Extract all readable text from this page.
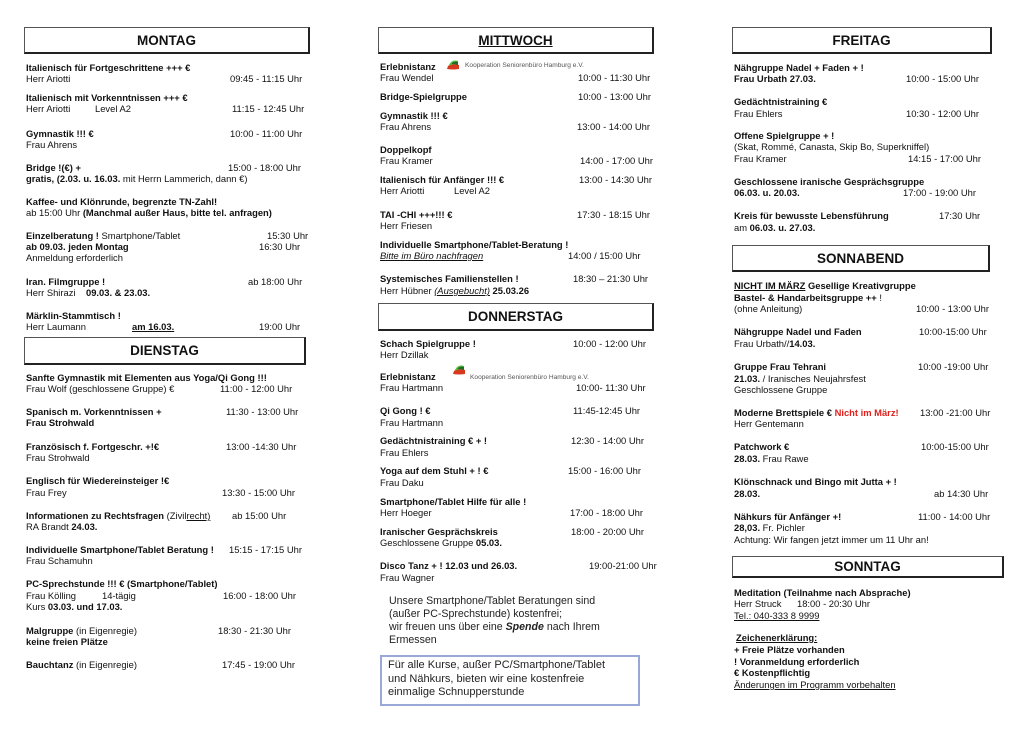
MONTAG
Italienisch für Fortgeschrittene +++ €
Herr Ariotti	09:45 - 11:15 Uhr
Italienisch mit Vorkenntnissen +++ €
Herr Ariotti	Level A2	11:15 - 12:45 Uhr
Gymnastik !!! €	10:00 - 11:00 Uhr
Frau Ahrens
Bridge !(€) +	15:00 - 18:00 Uhr
gratis, (2.03. u. 16.03. mit Herrn Lammerich, dann €)
Kaffee- und Klönrunde, begrenzte TN-Zahl!
ab 15:00 Uhr (Manchmal außer Haus, bitte tel. anfragen)
Einzelberatung ! Smartphone/Tablet	15:30 Uhr
ab 09.03. jeden Montag	16:30 Uhr
Anmeldung erforderlich
Iran. Filmgruppe !	ab 18:00 Uhr
Herr Shirazi 09.03. & 23.03.
Märklin-Stammtisch !
Herr Laumann	am 16.03.	19:00 Uhr
DIENSTAG
Sanfte Gymnastik mit Elementen aus Yoga/Qi Gong !!!
Frau Wolf (geschlossene Gruppe) €	11:00 - 12:00 Uhr
Spanisch m. Vorkenntnissen +	11:30 - 13:00 Uhr
Frau Strohwald
Französisch f. Fortgeschr. +!€	13:00 -14:30 Uhr
Frau Strohwald
Englisch für Wiedereinsteiger !€
Frau Frey	13:30 - 15:00 Uhr
Informationen zu Rechtsfragen (Zivilrecht) ab 15:00 Uhr
RA Brandt 24.03.
Individuelle Smartphone/Tablet Beratung ! 15:15 - 17:15 Uhr
Frau Schamuhn
PC-Sprechstunde !!! € (Smartphone/Tablet)
Frau Kölling	14-tägig	16:00 - 18:00 Uhr
Kurs 03.03. und 17.03.
Malgruppe (in Eigenregie)	18:30 - 21:30 Uhr
keine freien Plätze
Bauchtanz (in Eigenregie)	17:45 - 19:00 Uhr
MITTWOCH
Erlebnistanz	Kooperation Seniorenbüro Hamburg e.V.
Frau Wendel	10:00 - 11:30 Uhr
Bridge-Spielgruppe	10:00 - 13:00 Uhr
Gymnastik !!! €
Frau Ahrens	13:00 - 14:00 Uhr
Doppelkopf
Frau Kramer	14:00 - 17:00 Uhr
Italienisch für Anfänger !!! €	13:00 - 14:30 Uhr
Herr Ariotti	Level A2
TAI -CHI +++!!! €	17:30 - 18:15 Uhr
Herr Friesen
Individuelle Smartphone/Tablet-Beratung !
Bitte im Büro nachfragen	14:00 / 15:00 Uhr
Systemisches Familienstellen !	18:30 – 21:30 Uhr
Herr Hübner (Ausgebucht) 25.03.26
DONNERSTAG
Schach Spielgruppe !	10:00 - 12:00 Uhr
Herr Dzillak
Erlebnistanz	Kooperation Seniorenbüro Hamburg e.V.
Frau Hartmann	10:00- 11:30 Uhr
Qi Gong ! €	11:45-12:45 Uhr
Frau Hartmann
Gedächtnistraining € + !	12:30 - 14:00 Uhr
Frau Ehlers
Yoga auf dem Stuhl + ! €	15:00 - 16:00 Uhr
Frau Daku
Smartphone/Tablet Hilfe für alle !
Herr Hoeger	17:00 - 18:00 Uhr
Iranischer Gesprächskreis	18:00 - 20:00 Uhr
Geschlossene Gruppe 05.03.
Disco Tanz + ! 12.03 und 26.03.	19:00-21:00 Uhr
Frau Wagner
Unsere Smartphone/Tablet Beratungen sind
(außer PC-Sprechstunde) kostenfrei;
wir freuen uns über eine Spende nach Ihrem
Ermessen
Für alle Kurse, außer PC/Smartphone/Tablet
und Nähkurs, bieten wir eine kostenfreie
einmalige Schnupperstunde
FREITAG
Nähgruppe Nadel + Faden + !
Frau Urbath 27.03.	10:00 - 15:00 Uhr
Gedächtnistraining €
Frau Ehlers	10:30 - 12:00 Uhr
Offene Spielgruppe + !
(Skat, Rommé, Canasta, Skip Bo, Superkniffel)
Frau Kramer	14:15 - 17:00 Uhr
Geschlossene iranische Gesprächsgruppe
06.03. u. 20.03.	17:00 - 19:00 Uhr
Kreis für bewusste Lebensführung	17:30 Uhr
am 06.03. u. 27.03.
SONNABEND
NICHT IM MÄRZ Gesellige Kreativgruppe
Bastel- & Handarbeitsgruppe ++ !
(ohne Anleitung)	10:00 - 13:00 Uhr
Nähgruppe Nadel und Faden	10:00-15:00 Uhr
Frau Urbath//14.03.
Gruppe Frau Tehrani	10:00 -19:00 Uhr
21.03. / Iranisches Neujahrsfest
Geschlossene Gruppe
Moderne Brettspiele € Nicht im März! 13:00 -21:00 Uhr
Herr Gentemann
Patchwork €	10:00-15:00 Uhr
28.03. Frau Rawe
Klönschnack und Bingo mit Jutta + !
28.03.	ab 14:30 Uhr
Nähkurs für Anfänger +!	11:00 - 14:00 Uhr
28,03. Fr. Pichler
Achtung: Wir fangen jetzt immer um 11 Uhr an!
SONNTAG
Meditation (Teilnahme nach Absprache)
Herr Struck 18:00 - 20:30 Uhr
Tel.: 040-333 8 9999
Zeichenerklärung:
+ Freie Plätze vorhanden
! Voranmeldung erforderlich
€ Kostenpflichtig
Änderungen im Programm vorbehalten
